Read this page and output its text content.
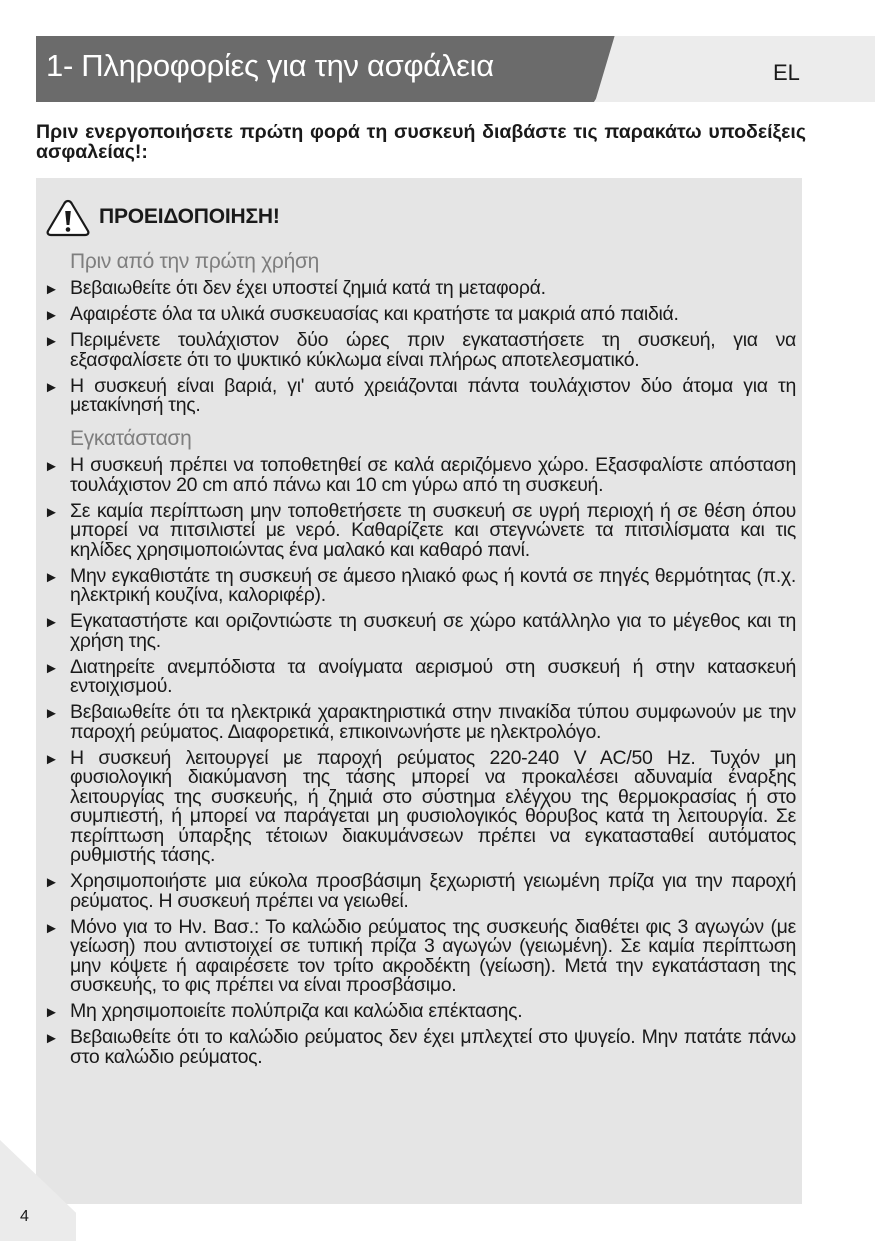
1- Πληροφορίες για την ασφάλεια	EL
Πριν ενεργοποιήσετε πρώτη φορά τη συσκευή διαβάστε τις παρακάτω υποδείξεις ασφαλείας!:
ΠΡΟΕΙΔΟΠΟΙΗΣΗ!
Πριν από την πρώτη χρήση
► Βεβαιωθείτε ότι δεν έχει υποστεί ζημιά κατά τη μεταφορά.
► Αφαιρέστε όλα τα υλικά συσκευασίας και κρατήστε τα μακριά από παιδιά.
► Περιμένετε τουλάχιστον δύο ώρες πριν εγκαταστήσετε τη συσκευή, για να εξασφαλίσετε ότι το ψυκτικό κύκλωμα είναι πλήρως αποτελεσματικό.
► Η συσκευή είναι βαριά, γι' αυτό χρειάζονται πάντα τουλάχιστον δύο άτομα για τη μετακίνησή της.
Εγκατάσταση
► Η συσκευή πρέπει να τοποθετηθεί σε καλά αεριζόμενο χώρο. Εξασφαλίστε απόσταση τουλάχιστον 20 cm από πάνω και 10 cm γύρω από τη συσκευή.
► Σε καμία περίπτωση μην τοποθετήσετε τη συσκευή σε υγρή περιοχή ή σε θέση όπου μπορεί να πιτσιλιστεί με νερό. Καθαρίζετε και στεγνώνετε τα πιτσιλίσματα και τις κηλίδες χρησιμοποιώντας ένα μαλακό και καθαρό πανί.
► Μην εγκαθιστάτε τη συσκευή σε άμεσο ηλιακό φως ή κοντά σε πηγές θερμότητας (π.χ. ηλεκτρική κουζίνα, καλοριφέρ).
► Εγκαταστήστε και οριζοντιώστε τη συσκευή σε χώρο κατάλληλο για το μέγεθος και τη χρήση της.
► Διατηρείτε ανεμπόδιστα τα ανοίγματα αερισμού στη συσκευή ή στην κατασκευή εντοιχισμού.
► Βεβαιωθείτε ότι τα ηλεκτρικά χαρακτηριστικά στην πινακίδα τύπου συμφωνούν με την παροχή ρεύματος. Διαφορετικά, επικοινωνήστε με ηλεκτρολόγο.
► Η συσκευή λειτουργεί με παροχή ρεύματος 220-240 V AC/50 Hz. Τυχόν μη φυσιολογική διακύμανση της τάσης μπορεί να προκαλέσει αδυναμία έναρξης λειτουργίας της συσκευής, ή ζημιά στο σύστημα ελέγχου της θερμοκρασίας ή στο συμπιεστή, ή μπορεί να παράγεται μη φυσιολογικός θόρυβος κατά τη λειτουργία. Σε περίπτωση ύπαρξης τέτοιων διακυμάνσεων πρέπει να εγκατασταθεί αυτόματος ρυθμιστής τάσης.
► Χρησιμοποιήστε μια εύκολα προσβάσιμη ξεχωριστή γειωμένη πρίζα για την παροχή ρεύματος. Η συσκευή πρέπει να γειωθεί.
► Μόνο για το Ην. Βασ.: Το καλώδιο ρεύματος της συσκευής διαθέτει φις 3 αγωγών (με γείωση) που αντιστοιχεί σε τυπική πρίζα 3 αγωγών (γειωμένη). Σε καμία περίπτωση μην κόψετε ή αφαιρέσετε τον τρίτο ακροδέκτη (γείωση). Μετά την εγκατάσταση της συσκευής, το φις πρέπει να είναι προσβάσιμο.
► Μη χρησιμοποιείτε πολύπριζα και καλώδια επέκτασης.
► Βεβαιωθείτε ότι το καλώδιο ρεύματος δεν έχει μπλεχτεί στο ψυγείο. Μην πατάτε πάνω στο καλώδιο ρεύματος.
4
